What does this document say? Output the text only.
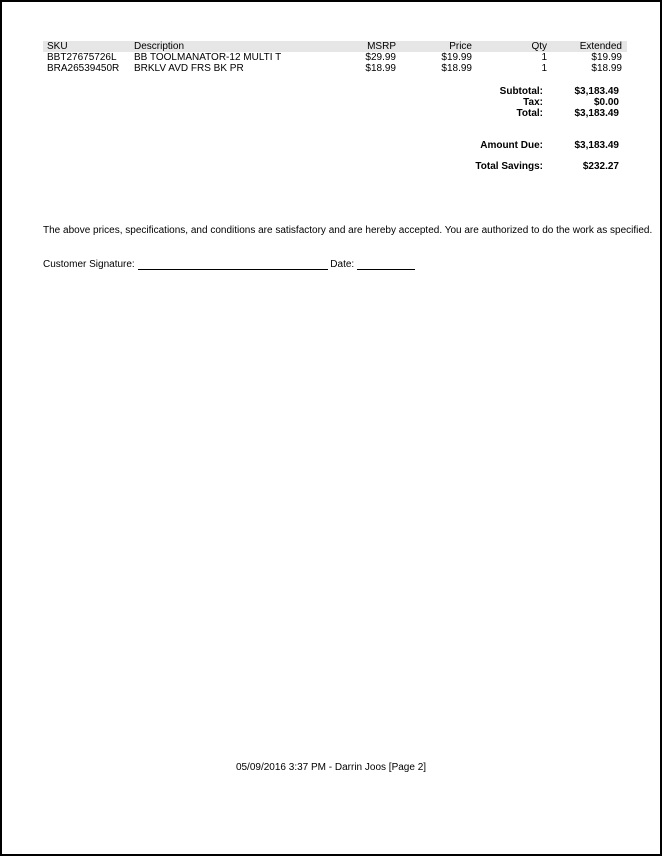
SKU	Description	MSRP	Price	Qty	Extended
BBT27675726L BB TOOLMANATOR-12 MULTI T	$29.99	$19.99	1	$19.99
BRA26539450R BRKLV AVD FRS BK PR	$18.99	$18.99	1	$18.99
Subtotal:	$3,183.49
Tax:	$0.00
Total:	$3,183.49
Amount Due:	$3,183.49
Total Savings:	$232.27
The above prices, specifications, and conditions are satisfactory and are hereby accepted. You are authorized to do the work as specified.
Customer Signature:	Date:
05/09/2016 3:37 PM - Darrin Joos [Page 2]
